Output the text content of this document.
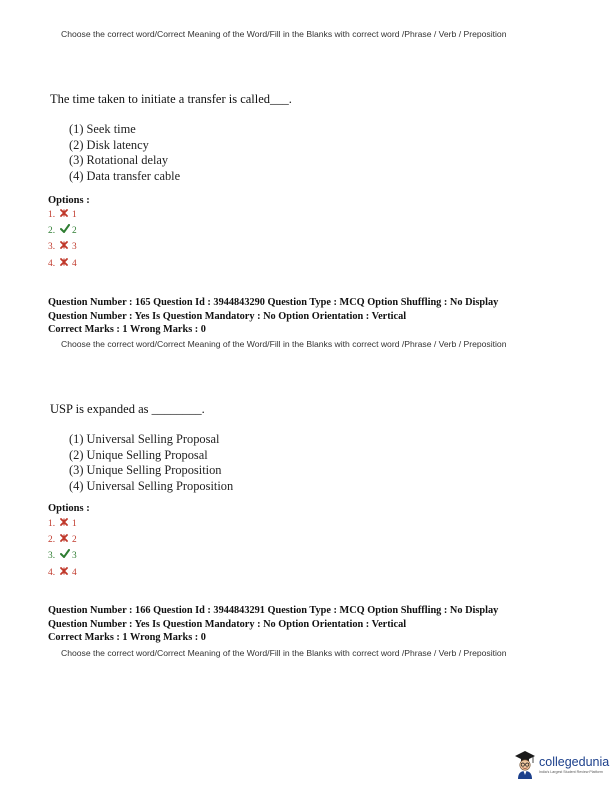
Choose the correct word/Correct Meaning of the Word/Fill in the Blanks with correct word /Phrase / Verb / Preposition
The time taken to initiate a transfer is called___.
(1) Seek time
(2) Disk latency
(3) Rotational delay
(4) Data transfer cable
Options :
1.	1
2.	2
3.	3
4.	4
Question Number : 165 Question Id : 3944843290 Question Type : MCQ Option Shuffling : No Display
Question Number : Yes Is Question Mandatory : No Option Orientation : Vertical
Correct Marks : 1 Wrong Marks : 0
Choose the correct word/Correct Meaning of the Word/Fill in the Blanks with correct word /Phrase / Verb / Preposition
USP is expanded as ________.
(1) Universal Selling Proposal
(2) Unique Selling Proposal
(3) Unique Selling Proposition
(4) Universal Selling Proposition
Options :
1.	1
2.	2
3.	3
4.	4
Question Number : 166 Question Id : 3944843291 Question Type : MCQ Option Shuffling : No Display
Question Number : Yes Is Question Mandatory : No Option Orientation : Vertical
Correct Marks : 1 Wrong Marks : 0
Choose the correct word/Correct Meaning of the Word/Fill in the Blanks with correct word /Phrase / Verb / Preposition
collegedunia
India's Largest Student Review Platform
